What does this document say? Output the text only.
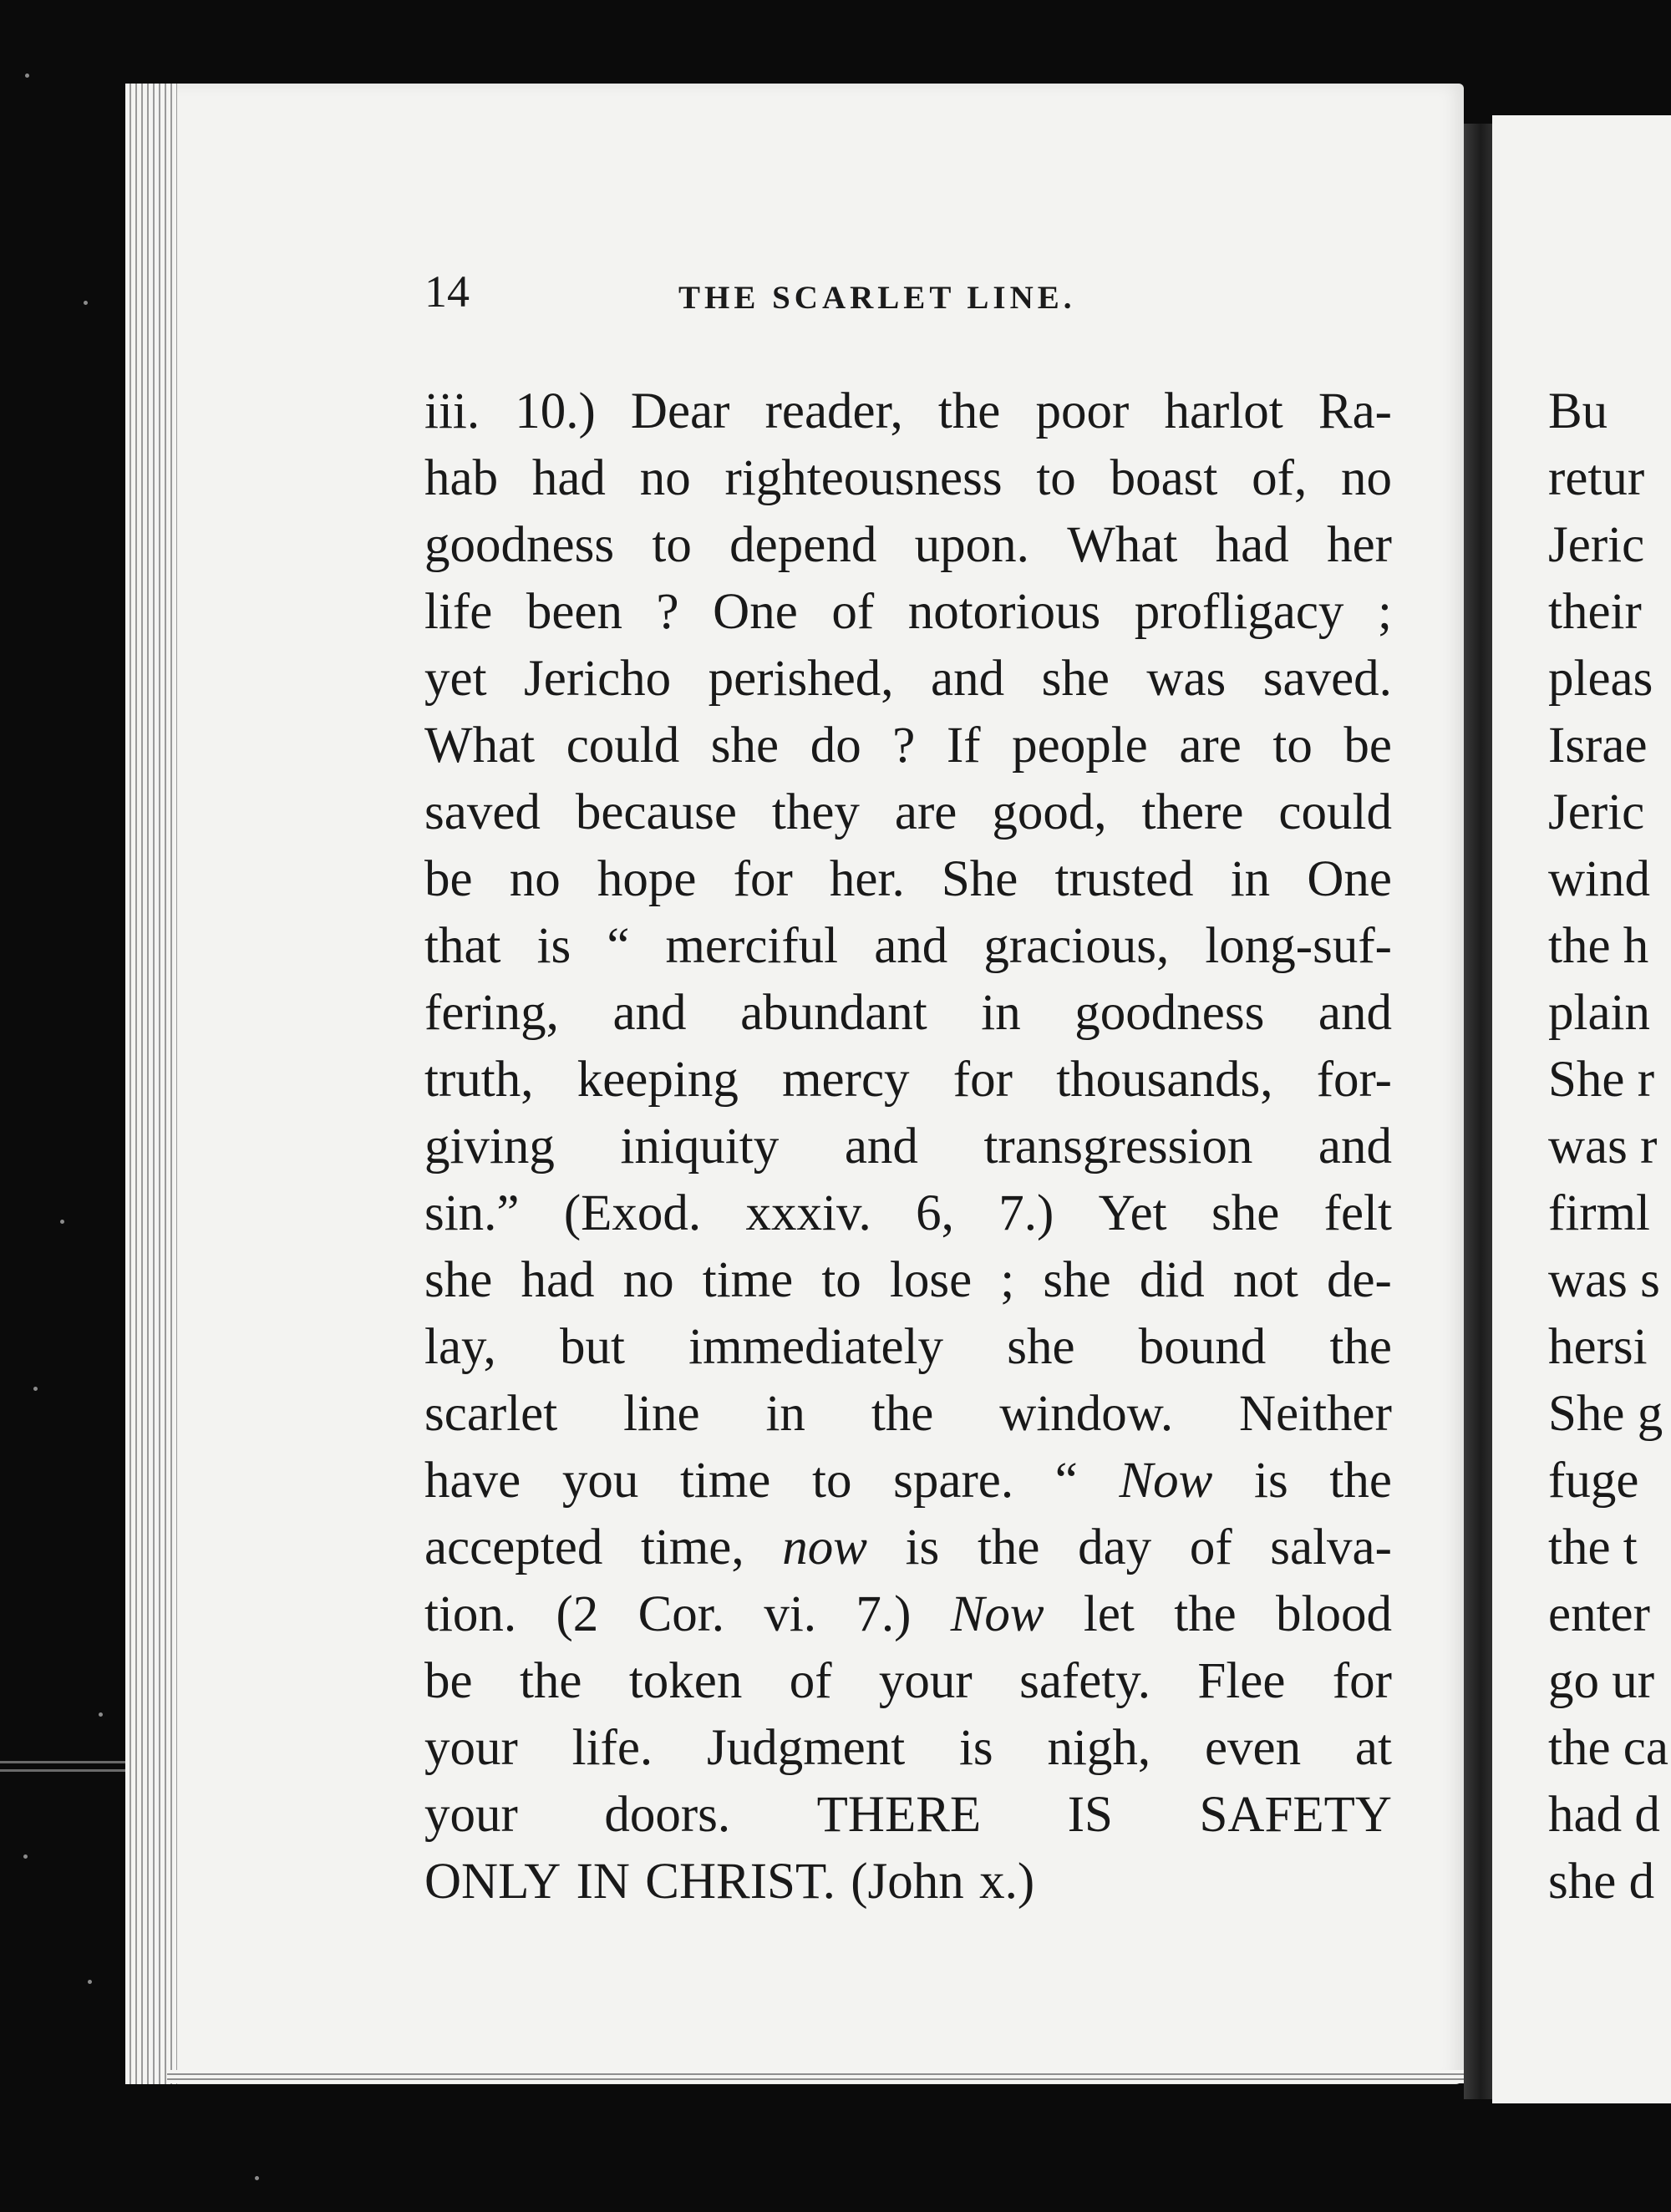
14	THE SCARLET LINE.
iii. 10.) Dear reader, the poor harlot Ra-
hab had no righteousness to boast of, no
goodness to depend upon. What had her
life been ? One of notorious profligacy ;
yet Jericho perished, and she was saved.
What could she do ? If people are to be
saved because they are good, there could
be no hope for her. She trusted in One
that is “ merciful and gracious, long-suf-
fering, and abundant in goodness and
truth, keeping mercy for thousands, for-
giving iniquity and transgression and
sin.” (Exod. xxxiv. 6, 7.) Yet she felt
she had no time to lose ; she did not de-
lay, but immediately she bound the
scarlet line in the window. Neither
have you time to spare. “ Now is the
accepted time, now is the day of salva-
tion. (2 Cor. vi. 7.) Now let the blood
be the token of your safety. Flee for
your life. Judgment is nigh, even at
your doors. THERE IS SAFETY
ONLY IN CHRIST. (John x.)
Bu
retur
Jeric
their
pleas
Israe
Jeric
wind
the h
plain
She r
was r
firml
was s
hersi
She g
fuge
the t
enter
go ur
the ca
had d
she d
